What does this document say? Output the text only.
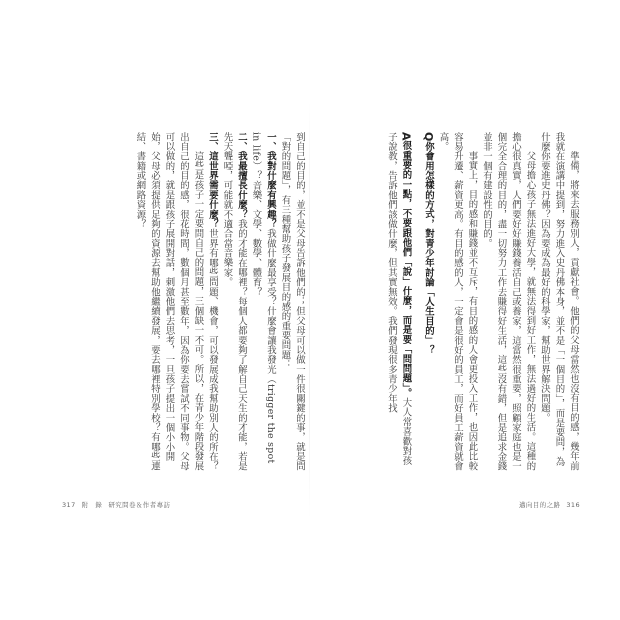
準備，將來去服務別人，貢獻社會。他們的父母當然也沒有目的感，幾年前我就在演講中提到，努力進入史丹佛本身，並不是「一個目的」，而是要問，為什麼你要進史丹佛？因為要成為最好的科學家，幫助世界解決問題。

父母擔心孩子無法進好大學，就無法得到好工作，無法過好的生活。這種的擔心很真實，人們要好好賺錢養活自己或養家，這當然很重要，照顧家庭也是一個完全合理的目的，盡一切努力工作去賺得好生活，這些沒有錯，但是追求金錢並非一個有建設性的目的。

事實上，目的感和賺錢並不互斥，有目的感的人會更投入工作，也因此比較容易升遷、薪資更高。有目的感的人，一定會是很好的員工，而好員工薪資就會高。

Q你會用怎樣的方式，對青少年討論「人生目的」？

A很重要的一點，不要跟他們「說」什麼，而是要「問問題」。大人常喜歡對孩子說教，告訴他們該做什麼，但其實無效。我們發現很多青少年找

到自己的目的，並不是父母告訴他們的；但父母可以做一件很關鍵的事，就是問「對的問題」，有三種幫助孩子發展目的感的重要問題：

一、我對什麼有興趣？我做什麼最享受？什麼會讓我發光（trigger the spot in life）？音樂、文學、數學、體育？

二、我最擅長什麼？我的才能在哪裡？每個人都要夠了解自己天生的才能，若是先天聾啞，可能就不適合當音樂家。

三、這世界需要什麼？世界有哪些問題、機會，可以發展成我幫助別人的所在？

這些是孩子一定要問自己的問題，三個缺一不可。所以，在青少年階段發展出自己的目的感，很花時間，數個月甚至數年，因為你要去嘗試不同事物。父母可以做的，就是跟孩子展開對話，刺激他們去思考，一旦孩子提出一個小小開始，父母必須提供足夠的資源去幫助他繼續發展，要去哪裡特別學校？有哪些連結、書籍或網路資源？

317 附　錄 研究問卷＆作者專訪	邁向目的之路 316
